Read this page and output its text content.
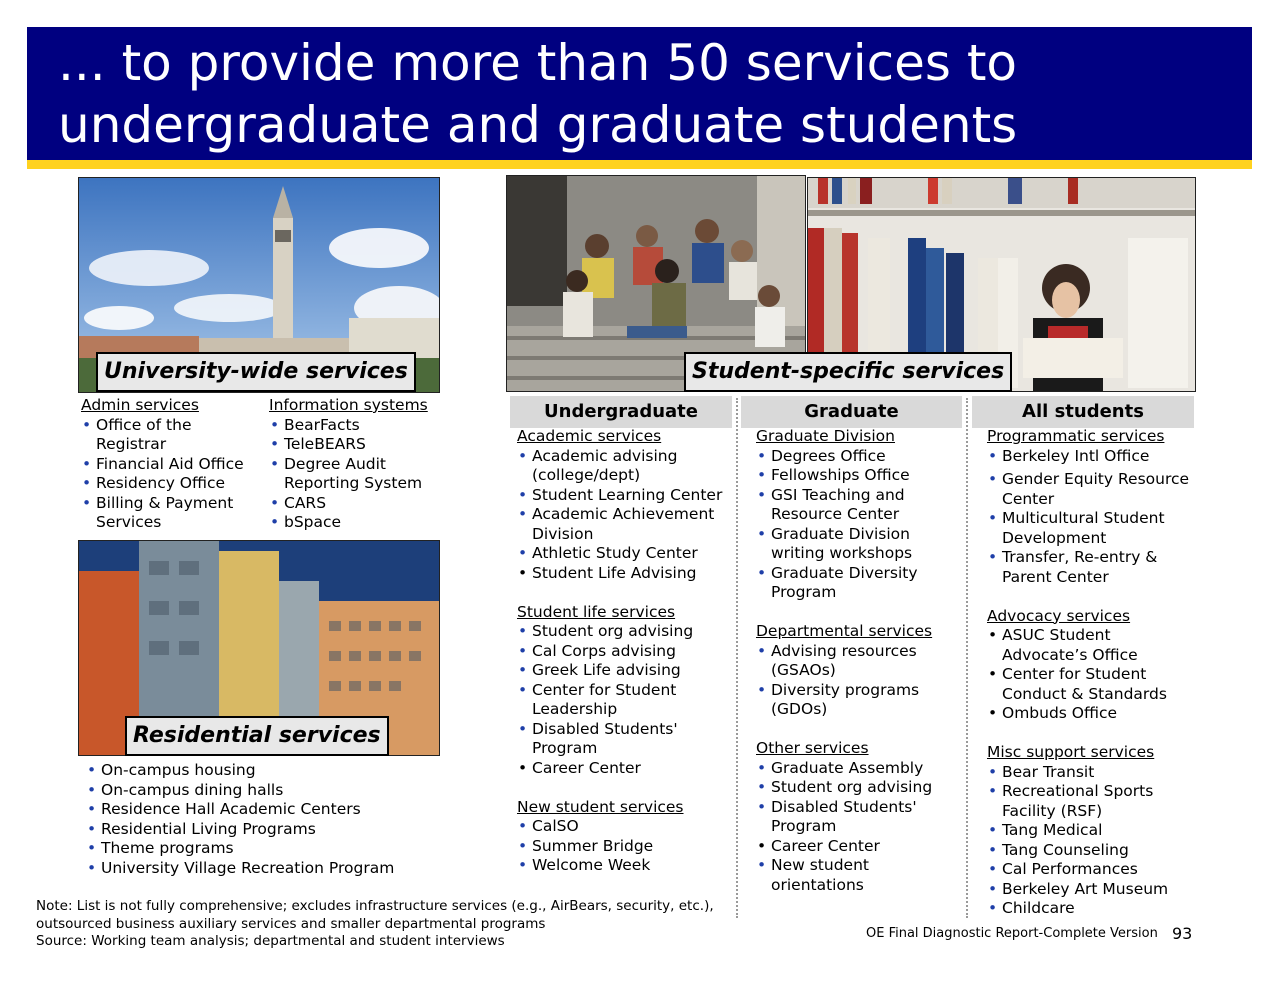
... to provide more than 50 services to
undergraduate and graduate students
University-wide services
Admin services
• Office of the Registrar
• Financial Aid Office
• Residency Office
• Billing & Payment Services
Information systems
• BearFacts
• TeleBEARS
• Degree Audit Reporting System
• CARS
• bSpace
Residential services
• On-campus housing
• On-campus dining halls
• Residence Hall Academic Centers
• Residential Living Programs
• Theme programs
• University Village Recreation Program
Student-specific services
Undergraduate	Graduate	All students
Academic services
• Academic advising (college/dept)
• Student Learning Center
• Academic Achievement Division
• Athletic Study Center
• Student Life Advising
Student life services
• Student org advising
• Cal Corps advising
• Greek Life advising
• Center for Student Leadership
• Disabled Students' Program
• Career Center
New student services
• CalSO
• Summer Bridge
• Welcome Week
Graduate Division
• Degrees Office
• Fellowships Office
• GSI Teaching and Resource Center
• Graduate Division writing workshops
• Graduate Diversity Program
Departmental services
• Advising resources (GSAOs)
• Diversity programs (GDOs)
Other services
• Graduate Assembly
• Student org advising
• Disabled Students' Program
• Career Center
• New student orientations
Programmatic services
• Berkeley Intl Office
• Gender Equity Resource Center
• Multicultural Student Development
• Transfer, Re-entry & Parent Center
Advocacy services
• ASUC Student Advocate’s Office
• Center for Student Conduct & Standards
• Ombuds Office
Misc support services
• Bear Transit
• Recreational Sports Facility (RSF)
• Tang Medical
• Tang Counseling
• Cal Performances
• Berkeley Art Museum
• Childcare
Note: List is not fully comprehensive; excludes infrastructure services (e.g., AirBears, security, etc.),
outsourced business auxiliary services and smaller departmental programs
Source: Working team analysis; departmental and student interviews	OE Final Diagnostic Report-Complete Version 93
